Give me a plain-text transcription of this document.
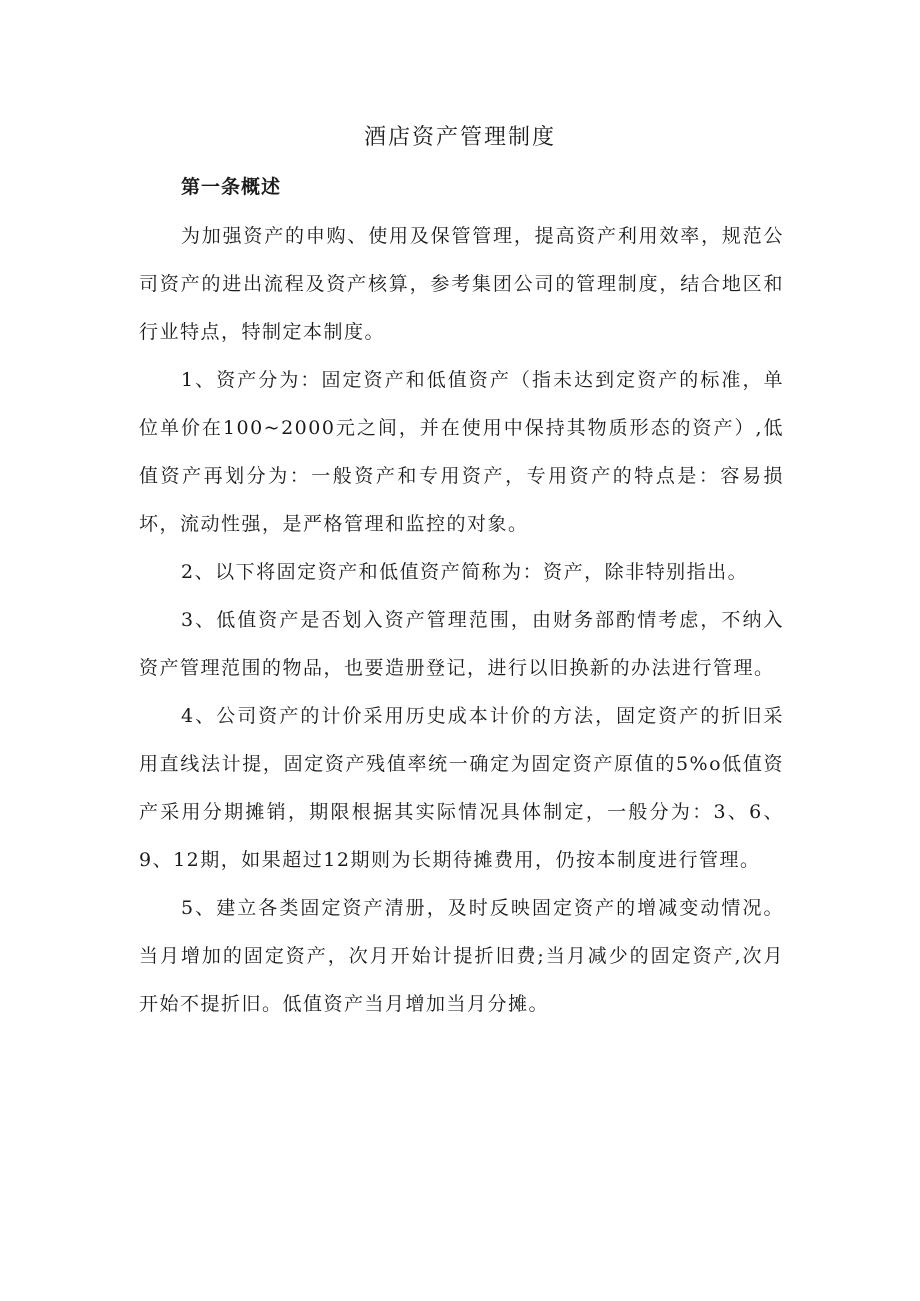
酒店资产管理制度
第一条概述

为加强资产的申购、使用及保管管理，提高资产利用效率，规范公司资产的进出流程及资产核算，参考集团公司的管理制度，结合地区和行业特点，特制定本制度。

1、资产分为：固定资产和低值资产（指未达到定资产的标准，单位单价在100~2000元之间，并在使用中保持其物质形态的资产）,低值资产再划分为：一般资产和专用资产，专用资产的特点是：容易损坏，流动性强，是严格管理和监控的对象。

2、以下将固定资产和低值资产简称为：资产，除非特别指出。

3、低值资产是否划入资产管理范围，由财务部酌情考虑，不纳入资产管理范围的物品，也要造册登记，进行以旧换新的办法进行管理。

4、公司资产的计价采用历史成本计价的方法，固定资产的折旧采用直线法计提，固定资产残值率统一确定为固定资产原值的5%o低值资产采用分期摊销，期限根据其实际情况具体制定，一般分为：3、6、9、12期，如果超过12期则为长期待摊费用，仍按本制度进行管理。

5、建立各类固定资产清册，及时反映固定资产的增减变动情况。当月增加的固定资产，次月开始计提折旧费;当月减少的固定资产,次月开始不提折旧。低值资产当月增加当月分摊。
